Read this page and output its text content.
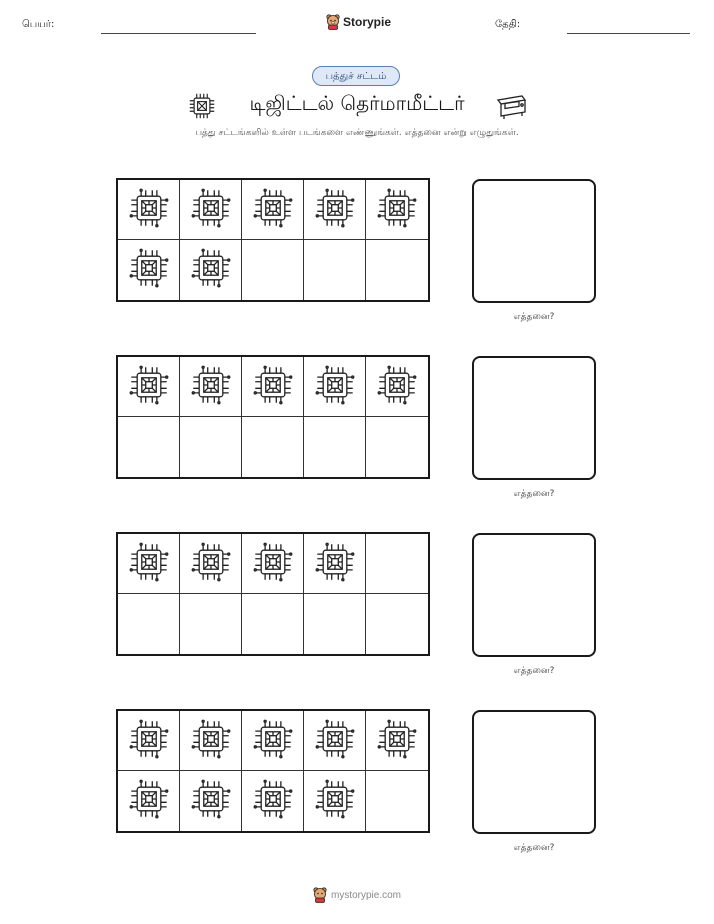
பெயர்:	Storypie	தேதி:
பத்துச் சட்டம்
டிஜிட்டல் தெர்மாமீட்டர்
பத்து சட்டங்களில் உள்ள படங்களை எண்ணுங்கள். எத்தனை என்று எழுதுங்கள்.
எத்தனை?
எத்தனை?
எத்தனை?
எத்தனை?
mystorypie.com
